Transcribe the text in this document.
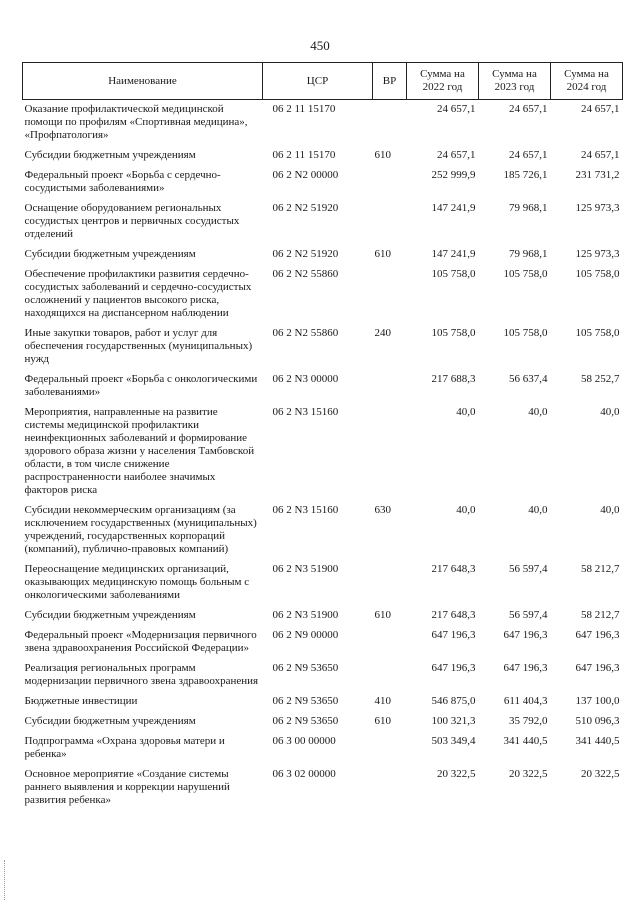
450
Наименование	ЦСР	ВР	Сумма на 2022 год	Сумма на 2023 год	Сумма на 2024 год
Оказание профилактической медицинской помощи по профилям «Спортивная медицина», «Профпатология»	06 2 11 15170		24 657,1	24 657,1	24 657,1
Субсидии бюджетным учреждениям	06 2 11 15170	610	24 657,1	24 657,1	24 657,1
Федеральный проект «Борьба с сердечно-сосудистыми заболеваниями»	06 2 N2 00000		252 999,9	185 726,1	231 731,2
Оснащение оборудованием региональных сосудистых центров и первичных сосудистых отделений	06 2 N2 51920		147 241,9	79 968,1	125 973,3
Субсидии бюджетным учреждениям	06 2 N2 51920	610	147 241,9	79 968,1	125 973,3
Обеспечение профилактики развития сердечно-сосудистых заболеваний и сердечно-сосудистых осложнений у пациентов высокого риска, находящихся на диспансерном наблюдении	06 2 N2 55860		105 758,0	105 758,0	105 758,0
Иные закупки товаров, работ и услуг для обеспечения государственных (муниципальных) нужд	06 2 N2 55860	240	105 758,0	105 758,0	105 758,0
Федеральный проект «Борьба с онкологическими заболеваниями»	06 2 N3 00000		217 688,3	56 637,4	58 252,7
Мероприятия, направленные на развитие системы медицинской профилактики неинфекционных заболеваний и формирование здорового образа жизни у населения Тамбовской области, в том числе снижение распространенности наиболее значимых факторов риска	06 2 N3 15160		40,0	40,0	40,0
Субсидии некоммерческим организациям (за исключением государственных (муниципальных) учреждений, государственных корпораций (компаний), публично-правовых компаний)	06 2 N3 15160	630	40,0	40,0	40,0
Переоснащение медицинских организаций, оказывающих медицинскую помощь больным с онкологическими заболеваниями	06 2 N3 51900		217 648,3	56 597,4	58 212,7
Субсидии бюджетным учреждениям	06 2 N3 51900	610	217 648,3	56 597,4	58 212,7
Федеральный проект «Модернизация первичного звена здравоохранения Российской Федерации»	06 2 N9 00000		647 196,3	647 196,3	647 196,3
Реализация региональных программ модернизации первичного звена здравоохранения	06 2 N9 53650		647 196,3	647 196,3	647 196,3
Бюджетные инвестиции	06 2 N9 53650	410	546 875,0	611 404,3	137 100,0
Субсидии бюджетным учреждениям	06 2 N9 53650	610	100 321,3	35 792,0	510 096,3
Подпрограмма «Охрана здоровья матери и ребенка»	06 3 00 00000		503 349,4	341 440,5	341 440,5
Основное мероприятие «Создание системы раннего выявления и коррекции нарушений развития ребенка»	06 3 02 00000		20 322,5	20 322,5	20 322,5
